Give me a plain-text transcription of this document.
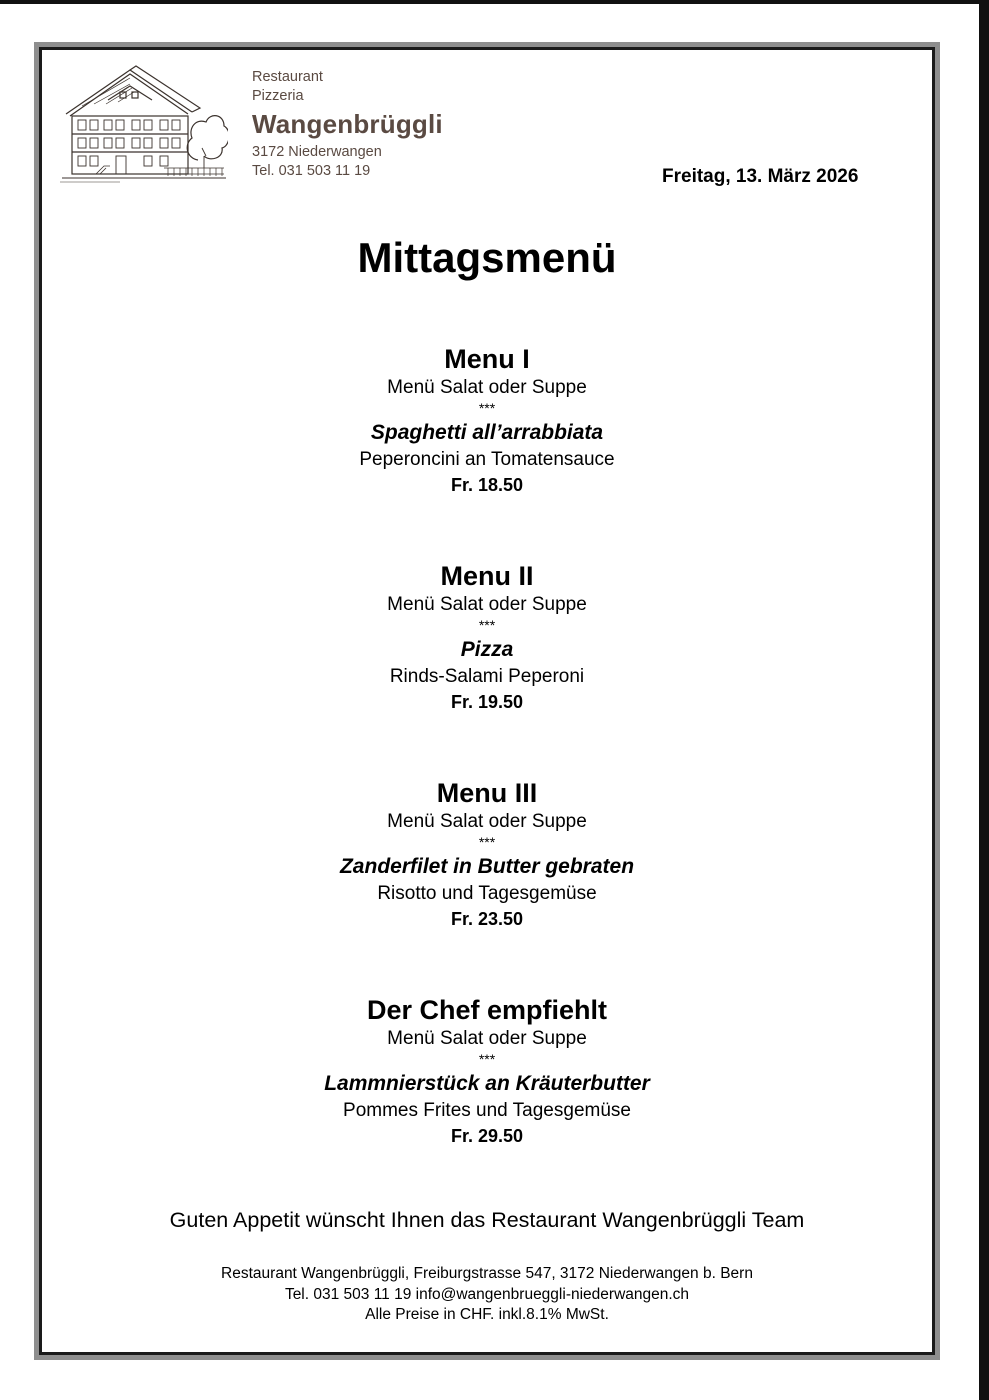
Restaurant
Pizzeria
Wangenbrüggli
3172 Niederwangen
Tel. 031 503 11 19	Freitag, 13. März 2026
Mittagsmenü
Menu I
Menü Salat oder Suppe
***
Spaghetti all’arrabbiata
Peperoncini an Tomatensauce
Fr. 18.50
Menu II
Menü Salat oder Suppe
***
Pizza
Rinds-Salami Peperoni
Fr. 19.50
Menu III
Menü Salat oder Suppe
***
Zanderfilet in Butter gebraten
Risotto und Tagesgemüse
Fr. 23.50
Der Chef empfiehlt
Menü Salat oder Suppe
***
Lammnierstück an Kräuterbutter
Pommes Frites und Tagesgemüse
Fr. 29.50
Guten Appetit wünscht Ihnen das Restaurant Wangenbrüggli Team
Restaurant Wangenbrüggli, Freiburgstrasse 547, 3172 Niederwangen b. Bern
Tel. 031 503 11 19 info@wangenbrueggli-niederwangen.ch
Alle Preise in CHF. inkl.8.1% MwSt.
